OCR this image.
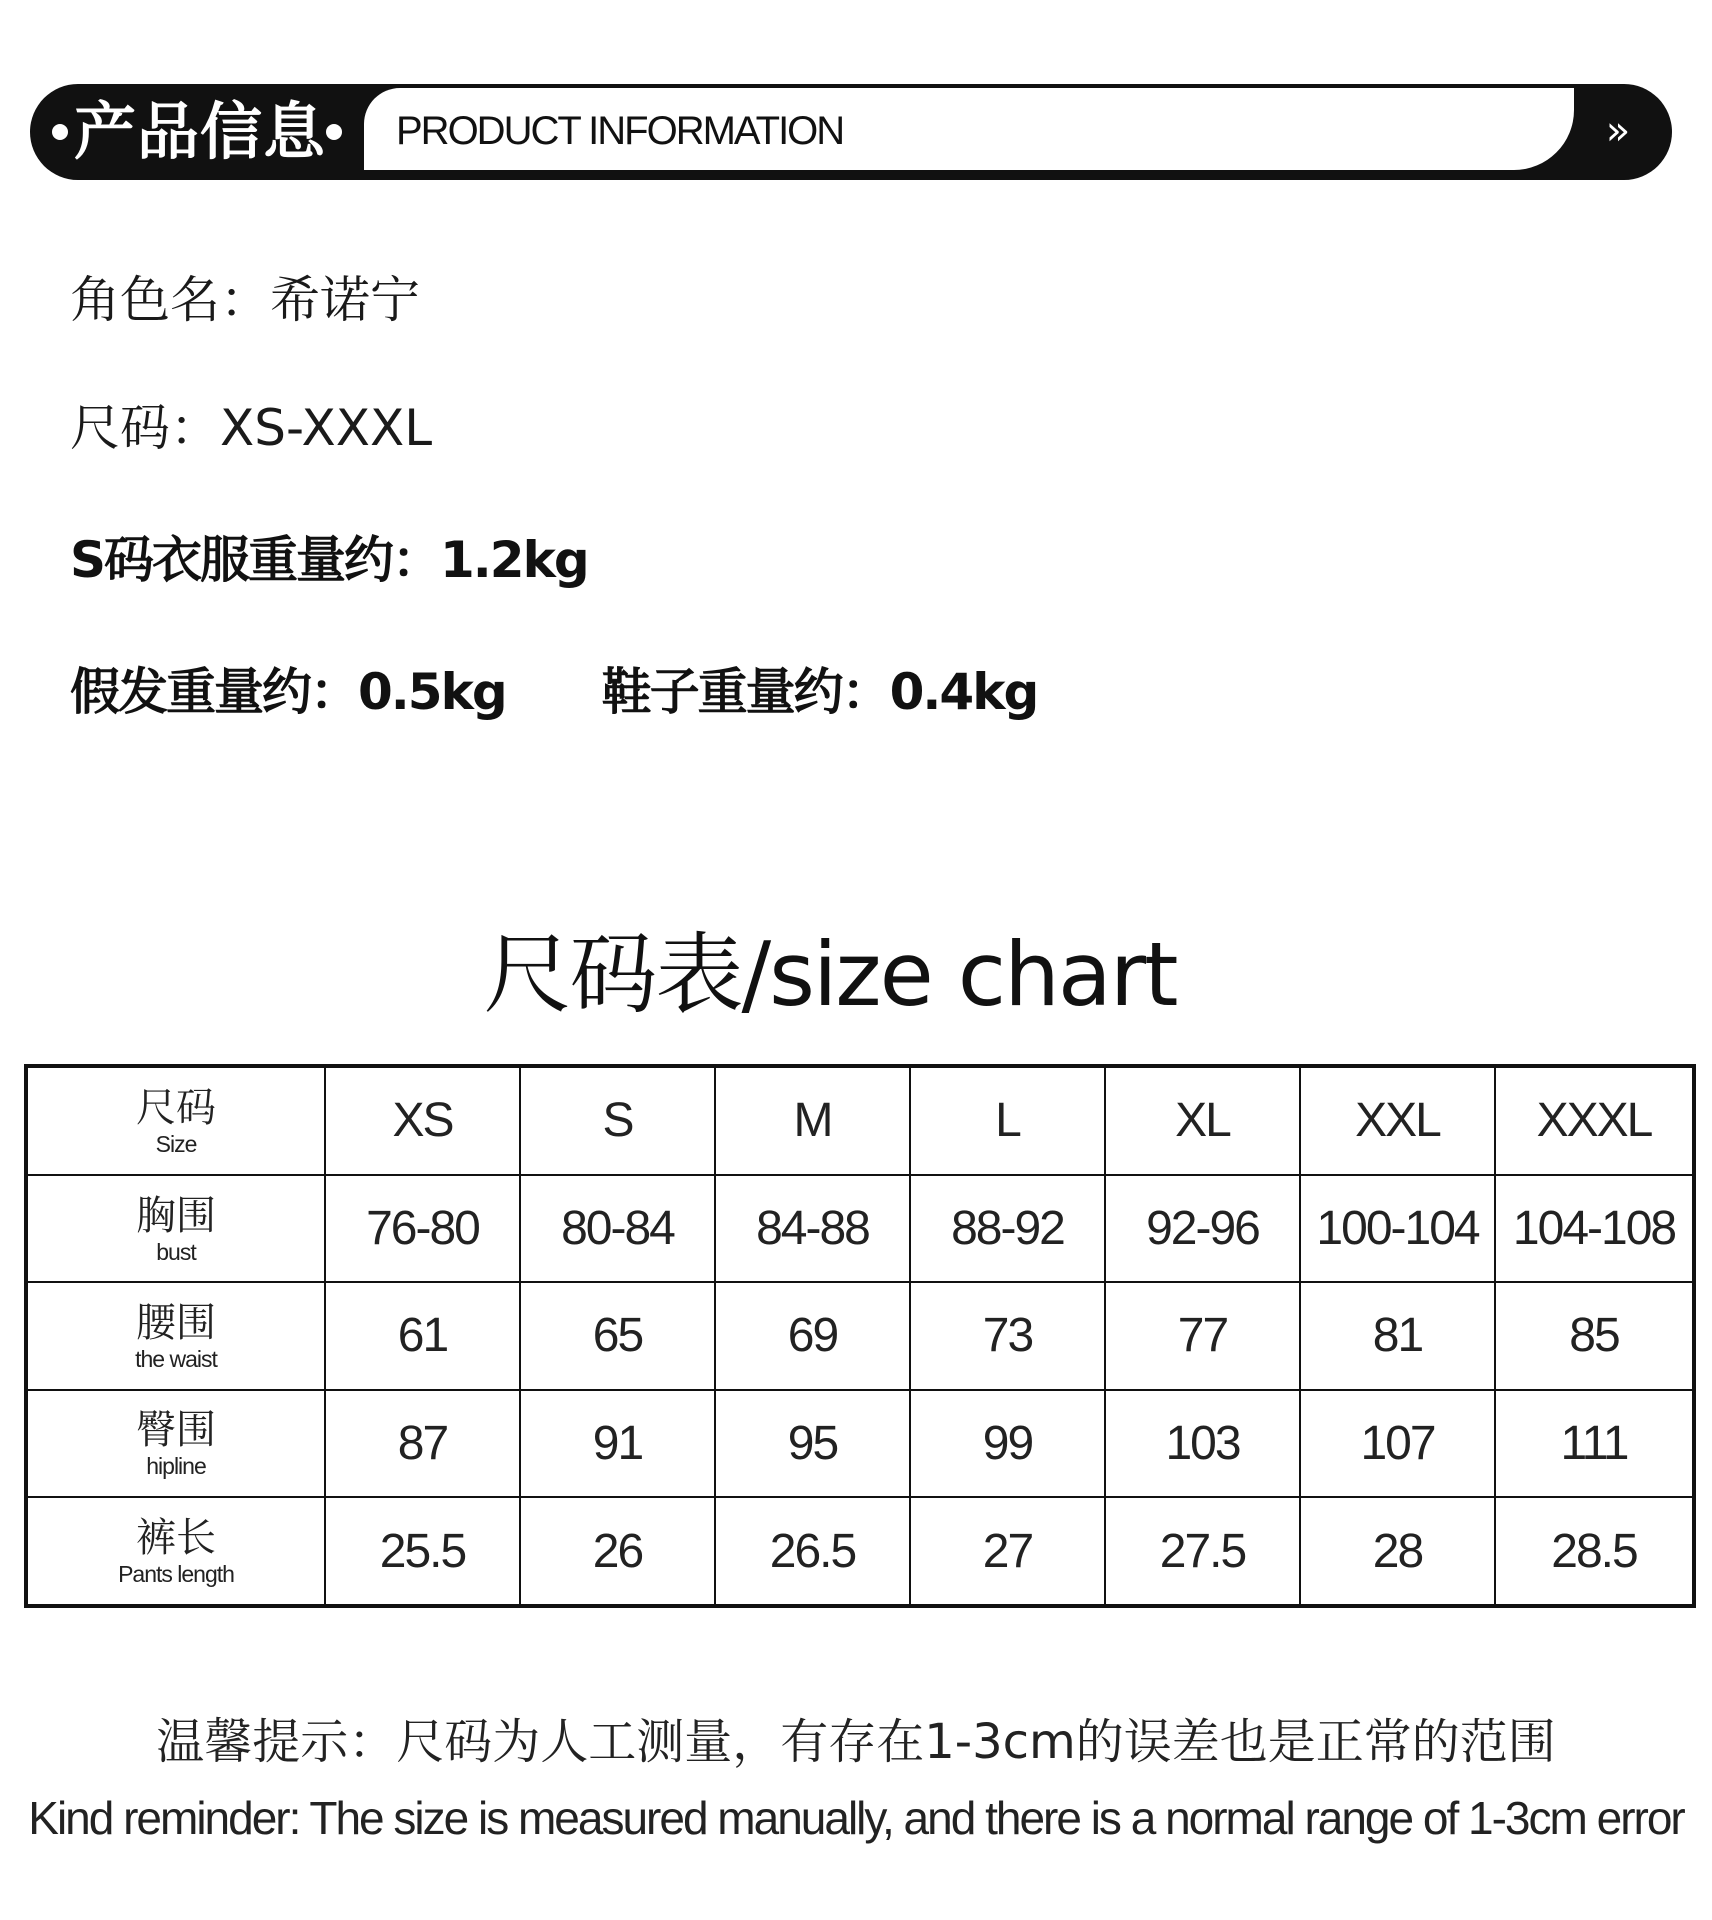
产品信息 PRODUCT INFORMATION	»
角色名：希诺宁
尺码：XS-XXXL
S码衣服重量约：1.2kg
假发重量约：0.5kg 鞋子重量约：0.4kg
尺码表/size chart
尺码
Size	XS	S	M	L	XL	XXL	XXXL

胸围
bust	76-80	80-84	84-88	88-92	92-96	100-104	104-108

腰围
the waist	61	65	69	73	77	81	85

臀围
hipline	87	91	95	99	103	107	111

裤长
Pants length	25.5	26	26.5	27	27.5	28	28.5
温馨提示：尺码为人工测量，有存在1-3cm的误差也是正常的范围
Kind reminder: The size is measured manually, and there is a normal range of 1-3cm error
